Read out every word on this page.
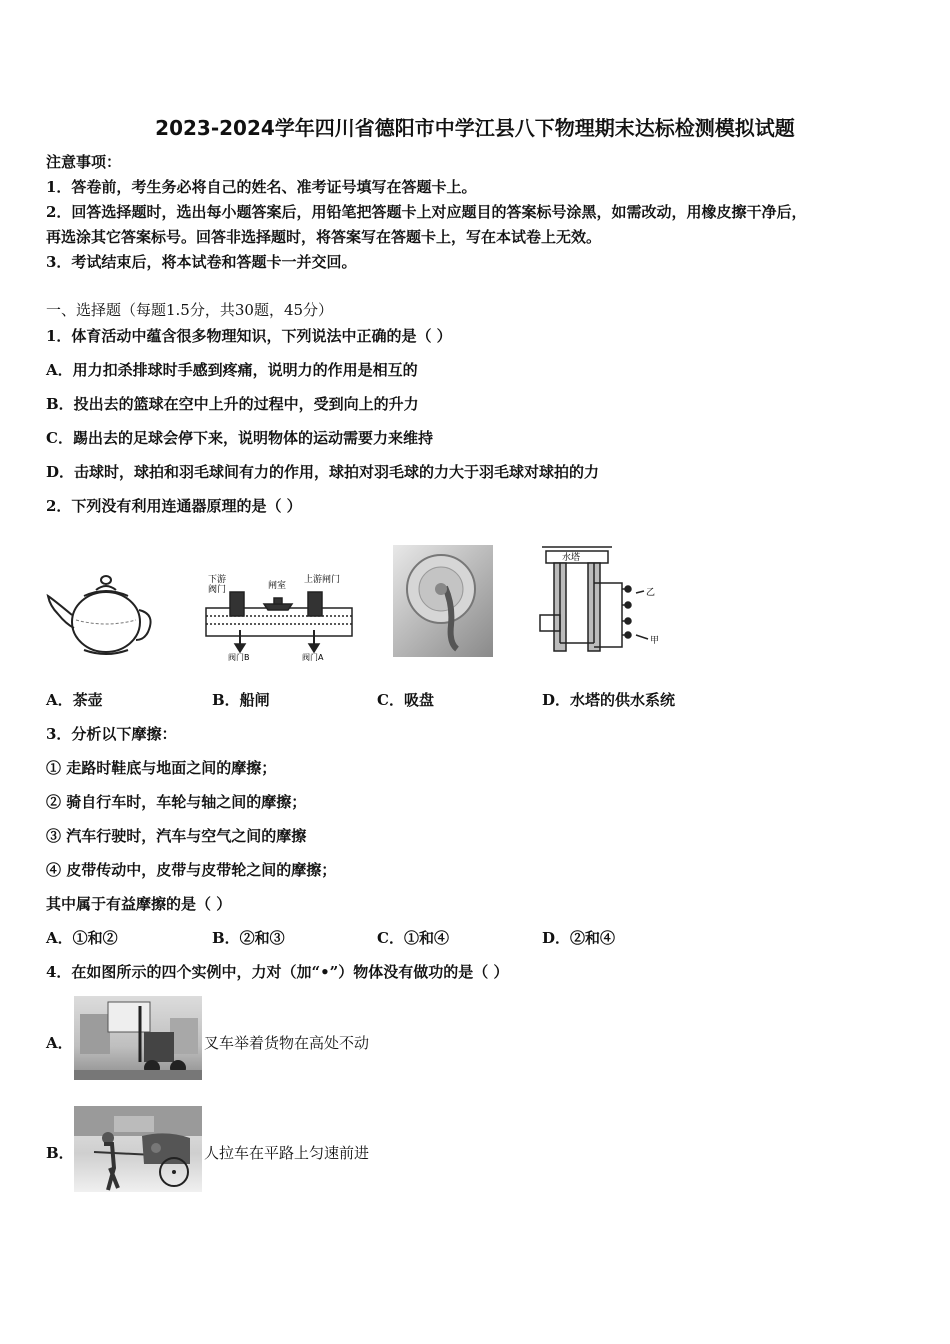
2023-2024学年四川省德阳市中学江县八下物理期末达标检测模拟试题
注意事项：
1．答卷前，考生务必将自己的姓名、准考证号填写在答题卡上。
2．回答选择题时，选出每小题答案后，用铅笔把答题卡上对应题目的答案标号涂黑，如需改动，用橡皮擦干净后，
再选涂其它答案标号。回答非选择题时，将答案写在答题卡上，写在本试卷上无效。
3．考试结束后，将本试卷和答题卡一并交回。
一、选择题（每题1.5分，共30题，45分）
1．体育活动中蕴含很多物理知识，下列说法中正确的是（ ）
A．用力扣杀排球时手感到疼痛，说明力的作用是相互的
B．投出去的篮球在空中上升的过程中，受到向上的升力
C．踢出去的足球会停下来，说明物体的运动需要力来维持
D．击球时，球拍和羽毛球间有力的作用，球拍对羽毛球的力大于羽毛球对球拍的力
2．下列没有利用连通器原理的是（ ）
下游
阀门	闸室
上游闸门
阀门B	阀门A
水塔
乙
甲
A．茶壶	B．船闸	C．吸盘	D．水塔的供水系统
3．分析以下摩擦：
① 走路时鞋底与地面之间的摩擦；
② 骑自行车时，车轮与轴之间的摩擦；
③ 汽车行驶时，汽车与空气之间的摩擦
④ 皮带传动中，皮带与皮带轮之间的摩擦；
其中属于有益摩擦的是（ ）
A．①和②	B．②和③	C．①和④	D．②和④
4．在如图所示的四个实例中，力对（加“•”）物体没有做功的是（ ）
A．	叉车举着货物在高处不动
B．	人拉车在平路上匀速前进
